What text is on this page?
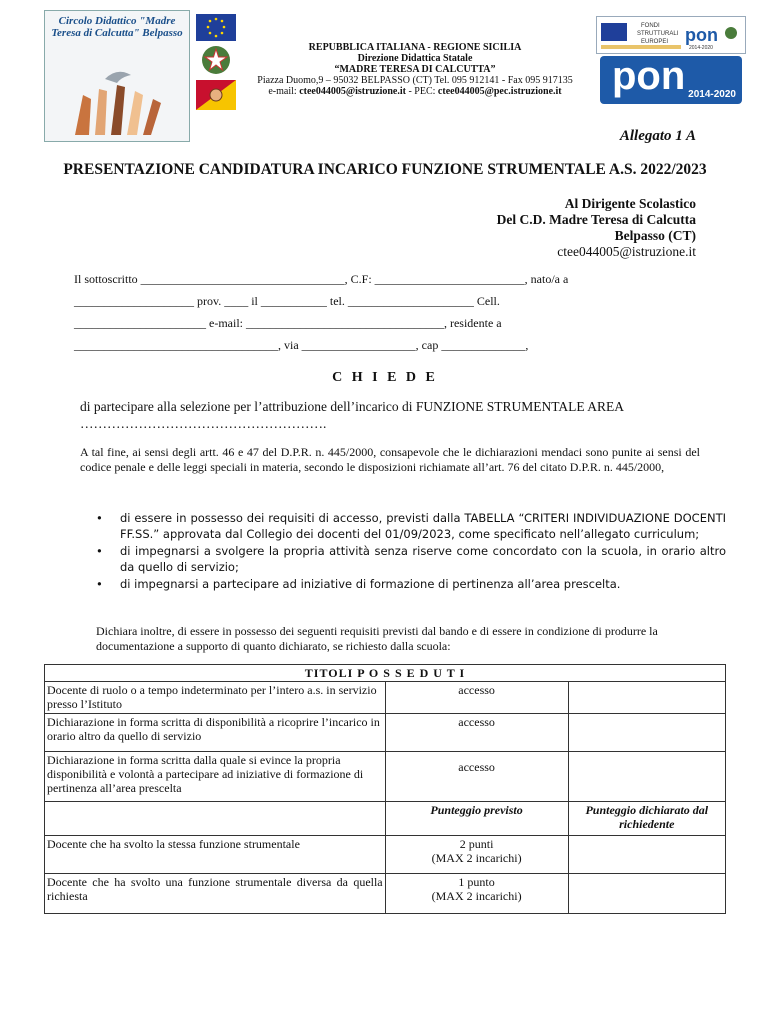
Circolo Didattico "Madre Teresa di Calcutta" Belpasso
REPUBBLICA ITALIANA - REGIONE SICILIA
Direzione Didattica Statale
“MADRE TERESA DI CALCUTTA”
Piazza Duomo,9 – 95032 BELPASSO (CT) Tel. 095 912141 - Fax 095 917135
e-mail: ctee044005@istruzione.it - PEC: ctee044005@pec.istruzione.it
FONDI
STRUTTURALI
EUROPEI pon
2014-2020
pon 2014-2020
Allegato 1 A
PRESENTAZIONE CANDIDATURA INCARICO FUNZIONE STRUMENTALE A.S. 2022/2023
Al Dirigente Scolastico
Del C.D. Madre Teresa di Calcutta
Belpasso (CT)
ctee044005@istruzione.it
Il sottoscritto __________________________________, C.F: _________________________, nato/a a
____________________ prov. ____ il ___________ tel. _____________________ Cell.
______________________ e-mail: _________________________________, residente a
__________________________________, via ___________________, cap ______________,
C H I E D E
di partecipare alla selezione per l’attribuzione dell’incarico di FUNZIONE STRUMENTALE AREA ……………………………………………….
A tal fine, ai sensi degli artt. 46 e 47 del D.P.R. n. 445/2000, consapevole che le dichiarazioni mendaci sono punite ai sensi del codice penale e delle leggi speciali in materia, secondo le disposizioni richiamate all’art. 76 del citato D.P.R. n. 445/2000,
• di essere in possesso dei requisiti di accesso, previsti dalla TABELLA “CRITERI INDIVIDUAZIONE DOCENTI FF.SS.” approvata dal Collegio dei docenti del 01/09/2023, come specificato nell’allegato curriculum;
• di impegnarsi a svolgere la propria attività senza riserve come concordato con la scuola, in orario altro da quello di servizio;
• di impegnarsi a partecipare ad iniziative di formazione di pertinenza all’area prescelta.
Dichiara inoltre, di essere in possesso dei seguenti requisiti previsti dal bando e di essere in condizione di produrre la documentazione a supporto di quanto dichiarato, se richiesto dalla scuola:
TITOLI P O S S E D U T I		
Docente di ruolo o a tempo indeterminato per l’intero a.s. in servizio presso l’Istituto	accesso	
Dichiarazione in forma scritta di disponibilità a ricoprire l’incarico in orario altro da quello di servizio	accesso	
Dichiarazione in forma scritta dalla quale si evince la propria disponibilità e volontà a partecipare ad iniziative di formazione di pertinenza all’area prescelta	accesso	
	Punteggio previsto	Punteggio dichiarato dal richiedente
Docente che ha svolto la stessa funzione strumentale	2 punti
(MAX 2 incarichi)	

Docente che ha svolto una funzione strumentale diversa da quella richiesta	1 punto
(MAX 2 incarichi)	
